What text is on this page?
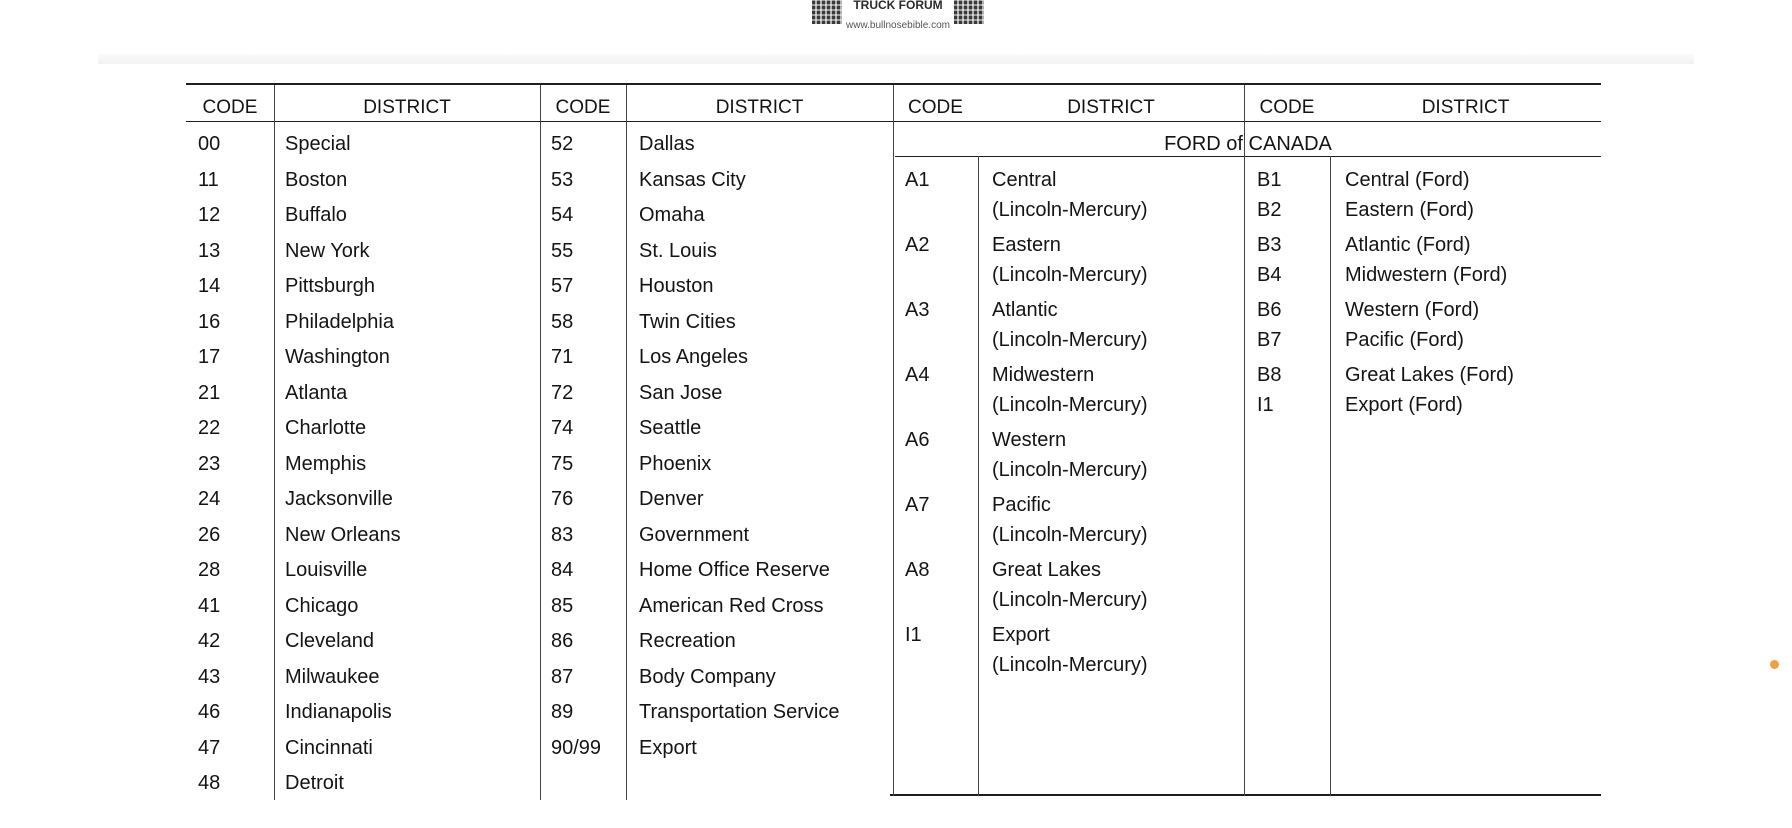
TRUCK FORUM
www.bullnosebible.com
CODE	DISTRICT	CODE	DISTRICT	CODE	DISTRICT	CODE	DISTRICT
00	Special
11	Boston
12	Buffalo
13	New York
14	Pittsburgh
16	Philadelphia
17	Washington
21	Atlanta
22	Charlotte
23	Memphis
24	Jacksonville
26	New Orleans
28	Louisville
41	Chicago
42	Cleveland
43	Milwaukee
46	Indianapolis
47	Cincinnati
48	Detroit
52	Dallas
53	Kansas City
54	Omaha
55	St. Louis
57	Houston
58	Twin Cities
71	Los Angeles
72	San Jose
74	Seattle
75	Phoenix
76	Denver
83	Government
84	Home Office Reserve
85	American Red Cross
86	Recreation
87	Body Company
89	Transportation Service
90/99 Export
FORD of CANADA
A1	Central
(Lincoln-Mercury)
A2	Eastern
(Lincoln-Mercury)
A3	Atlantic
(Lincoln-Mercury)
A4	Midwestern
(Lincoln-Mercury)
A6	Western
(Lincoln-Mercury)
A7	Pacific
(Lincoln-Mercury)
A8	Great Lakes
(Lincoln-Mercury)
I1	Export
(Lincoln-Mercury)
B1	Central (Ford)
B2	Eastern (Ford)
B3	Atlantic (Ford)
B4	Midwestern (Ford)
B6	Western (Ford)
B7	Pacific (Ford)
B8	Great Lakes (Ford)
I1	Export (Ford)
